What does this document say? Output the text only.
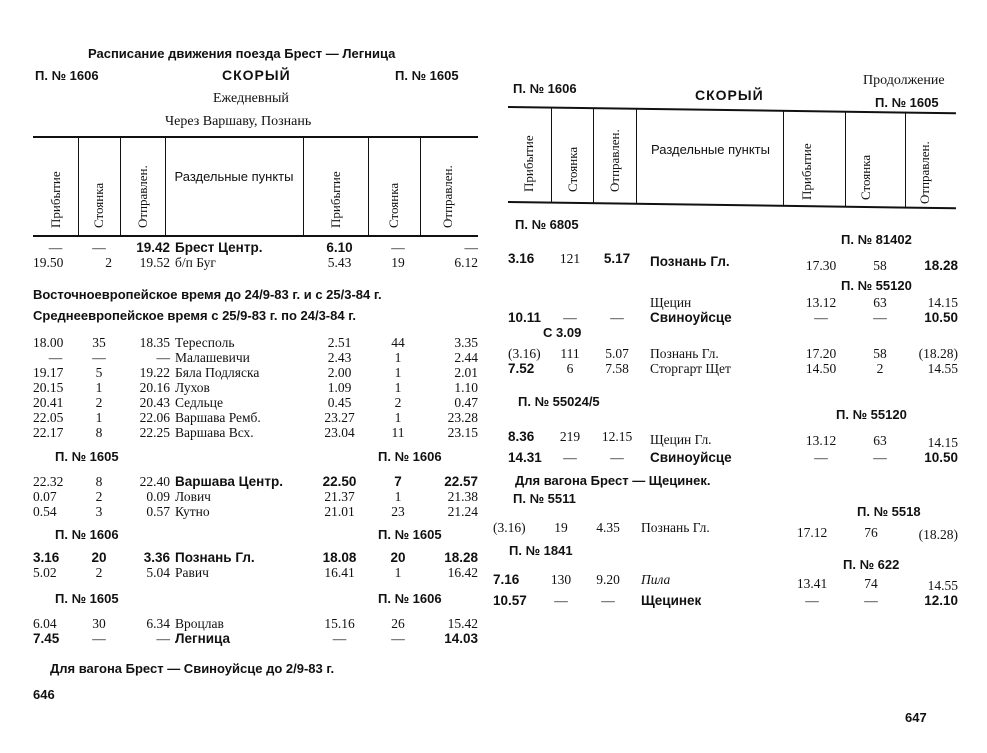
Расписание движения поезда Брест — Легница
П. № 1606	СКОРЫЙ	П. № 1605
Ежедневный
Через Варшаву, Познань
Прибытие Стоянка Отправлен.	Раздельные пункты	Прибытие	Стоянка	Отправлен.
—	—	19.42	Брест Центр.	6.10	—	—
19.50	2	19.52	б/п Буг	5.43	19	6.12
Восточноевропейское время до 24/9-83 г. и с 25/3-84 г.
Среднеевропейское время с 25/9-83 г. по 24/3-84 г.
18.00	35	18.35	Тересполь	2.51	44	3.35
—	—	—	Малашевичи	2.43	1	2.44
19.17	5	19.22	Бяла Подляска	2.00	1	2.01
20.15	1	20.16	Лухов	1.09	1	1.10
20.41	2	20.43	Седльце	0.45	2	0.47
22.05	1	22.06	Варшава Ремб.	23.27	1	23.28
22.17	8	22.25	Варшава Всх.	23.04	11	23.15
П. № 1605	П. № 1606
22.32	8	22.40	Варшава Центр.	22.50	7	22.57
0.07	2	0.09	Лович	21.37	1	21.38
0.54	3	0.57	Кутно	21.01	23	21.24
П. № 1606	П. № 1605
3.16	20	3.36	Познань Гл.	18.08	20	18.28
5.02	2	5.04	Равич	16.41	1	16.42
П. № 1605	П. № 1606
6.04	30	6.34	Вроцлав	15.16	26	15.42
7.45	—	—	Легница	—	—	14.03
Для вагона Брест — Свиноуйсце до 2/9-83 г.
646
Продолжение
П. № 1606	СКОРЫЙ	П. № 1605
Прибытие Стоянка Отправлен.	Раздельные пункты	Прибытие	Стоянка	Отправлен.
П. № 6805
П. № 81402
3.16	121	5.17	Познань Гл.	17.30	58	18.28
П. № 55120
			Щецин	13.12	63	14.15
10.11	—	—	Свиноуйсце	—	—	10.50
С 3.09
(3.16)	111	5.07	Познань Гл.	17.20	58	(18.28)
7.52	6	7.58	Сторгарт Щет	14.50	2	14.55
П. № 55024/5
П. № 55120
8.36	219	12.15	Щецин Гл.	13.12	63	14.15
14.31	—	—	Свиноуйсце	—	—	10.50
Для вагона Брест — Щецинек.
П. № 5511
П. № 5518
(3.16)	19	4.35	Познань Гл.	17.12	76	(18.28)
П. № 1841
П. № 622
7.16	130	9.20	Пила	13.41	74	14.55
10.57	—	—	Щецинек	—	—	12.10
647
